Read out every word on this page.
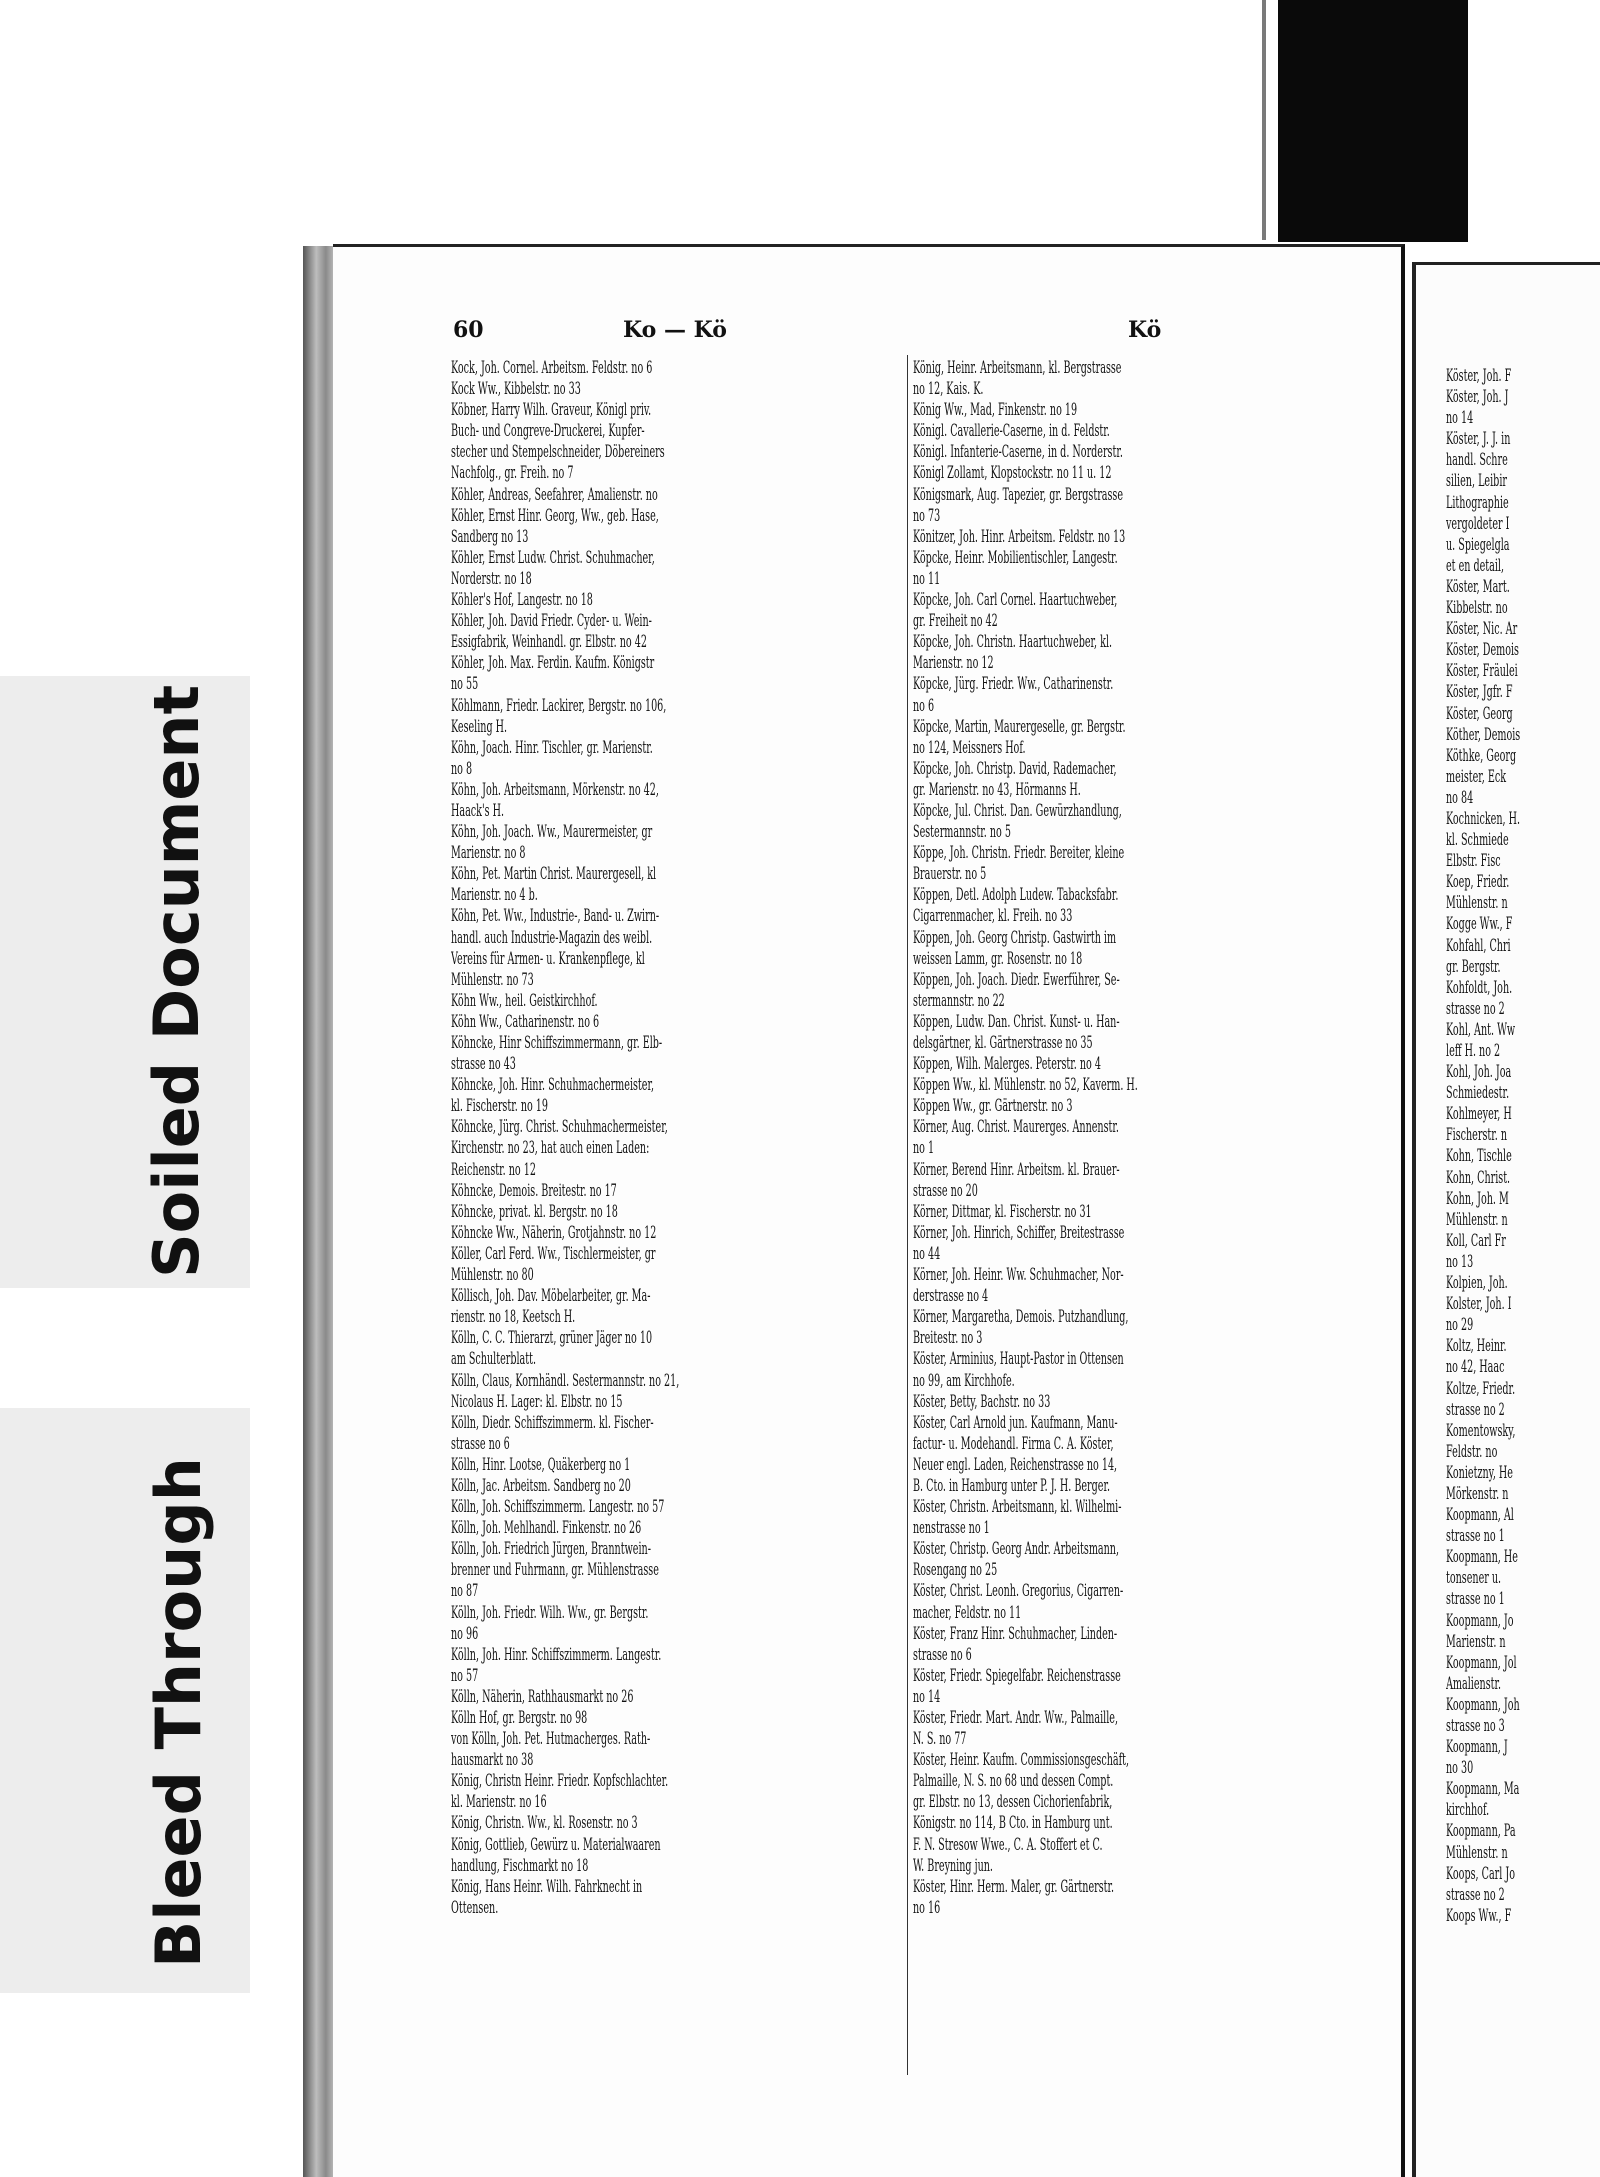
Soiled Document
Bleed Through
60	Ko — Kö	Kö
Kock, Joh. Cornel. Arbeitsm. Feldstr. no 6
Kock Ww., Kibbelstr. no 33
Köbner, Harry Wilh. Graveur, Königl priv.
Buch- und Congreve-Druckerei, Kupfer-
stecher und Stempelschneider, Döbereiners
Nachfolg., gr. Freih. no 7
Köhler, Andreas, Seefahrer, Amalienstr. no
Köhler, Ernst Hinr. Georg, Ww., geb. Hase,
Sandberg no 13
Köhler, Ernst Ludw. Christ. Schuhmacher,
Norderstr. no 18
Köhler's Hof, Langestr. no 18
Köhler, Joh. David Friedr. Cyder- u. Wein-
Essigfabrik, Weinhandl. gr. Elbstr. no 42
Köhler, Joh. Max. Ferdin. Kaufm. Königstr
no 55
Köhlmann, Friedr. Lackirer, Bergstr. no 106,
Keseling H.
Köhn, Joach. Hinr. Tischler, gr. Marienstr.
no 8
Köhn, Joh. Arbeitsmann, Mörkenstr. no 42,
Haack's H.
Köhn, Joh. Joach. Ww., Maurermeister, gr
Marienstr. no 8
Köhn, Pet. Martin Christ. Maurergesell, kl
Marienstr. no 4 b.
Köhn, Pet. Ww., Industrie-, Band- u. Zwirn-
handl. auch Industrie-Magazin des weibl.
Vereins für Armen- u. Krankenpflege, kl
Mühlenstr. no 73
Köhn Ww., heil. Geistkirchhof.
Köhn Ww., Catharinenstr. no 6
Köhncke, Hinr Schiffszimmermann, gr. Elb-
strasse no 43
Köhncke, Joh. Hinr. Schuhmachermeister,
kl. Fischerstr. no 19
Köhncke, Jürg. Christ. Schuhmachermeister,
Kirchenstr. no 23, hat auch einen Laden:
Reichenstr. no 12
Köhncke, Demois. Breitestr. no 17
Köhncke, privat. kl. Bergstr. no 18
Köhncke Ww., Näherin, Grotjahnstr. no 12
Köller, Carl Ferd. Ww., Tischlermeister, gr
Mühlenstr. no 80
Köllisch, Joh. Dav. Möbelarbeiter, gr. Ma-
rienstr. no 18, Keetsch H.
Kölln, C. C. Thierarzt, grüner Jäger no 10
am Schulterblatt.
Kölln, Claus, Kornhändl. Sestermannstr. no 21,
Nicolaus H. Lager: kl. Elbstr. no 15
Kölln, Diedr. Schiffszimmerm. kl. Fischer-
strasse no 6
Kölln, Hinr. Lootse, Quäkerberg no 1
Kölln, Jac. Arbeitsm. Sandberg no 20
Kölln, Joh. Schiffszimmerm. Langestr. no 57
Kölln, Joh. Mehlhandl. Finkenstr. no 26
Kölln, Joh. Friedrich Jürgen, Branntwein-
brenner und Fuhrmann, gr. Mühlenstrasse
no 87
Kölln, Joh. Friedr. Wilh. Ww., gr. Bergstr.
no 96
Kölln, Joh. Hinr. Schiffszimmerm. Langestr.
no 57
Kölln, Näherin, Rathhausmarkt no 26
Kölln Hof, gr. Bergstr. no 98
von Kölln, Joh. Pet. Hutmacherges. Rath-
hausmarkt no 38
König, Christn Heinr. Friedr. Kopfschlachter.
kl. Marienstr. no 16
König, Christn. Ww., kl. Rosenstr. no 3
König, Gottlieb, Gewürz u. Materialwaaren
handlung, Fischmarkt no 18
König, Hans Heinr. Wilh. Fahrknecht in
Ottensen.
König, Heinr. Arbeitsmann, kl. Bergstrasse
no 12, Kais. K.
König Ww., Mad, Finkenstr. no 19
Königl. Cavallerie-Caserne, in d. Feldstr.
Königl. Infanterie-Caserne, in d. Norderstr.
Königl Zollamt, Klopstockstr. no 11 u. 12
Königsmark, Aug. Tapezier, gr. Bergstrasse
no 73
Könitzer, Joh. Hinr. Arbeitsm. Feldstr. no 13
Köpcke, Heinr. Mobilientischler, Langestr.
no 11
Köpcke, Joh. Carl Cornel. Haartuchweber,
gr. Freiheit no 42
Köpcke, Joh. Christn. Haartuchweber, kl.
Marienstr. no 12
Köpcke, Jürg. Friedr. Ww., Catharinenstr.
no 6
Köpcke, Martin, Maurergeselle, gr. Bergstr.
no 124, Meissners Hof.
Köpcke, Joh. Christp. David, Rademacher,
gr. Marienstr. no 43, Hörmanns H.
Köpcke, Jul. Christ. Dan. Gewürzhandlung,
Sestermannstr. no 5
Köppe, Joh. Christn. Friedr. Bereiter, kleine
Brauerstr. no 5
Köppen, Detl. Adolph Ludew. Tabacksfabr.
Cigarrenmacher, kl. Freih. no 33
Köppen, Joh. Georg Christp. Gastwirth im
weissen Lamm, gr. Rosenstr. no 18
Köppen, Joh. Joach. Diedr. Ewerführer, Se-
stermannstr. no 22
Köppen, Ludw. Dan. Christ. Kunst- u. Han-
delsgärtner, kl. Gärtnerstrasse no 35
Köppen, Wilh. Malerges. Peterstr. no 4
Köppen Ww., kl. Mühlenstr. no 52, Kaverm. H.
Köppen Ww., gr. Gärtnerstr. no 3
Körner, Aug. Christ. Maurerges. Annenstr.
no 1
Körner, Berend Hinr. Arbeitsm. kl. Brauer-
strasse no 20
Körner, Dittmar, kl. Fischerstr. no 31
Körner, Joh. Hinrich, Schiffer, Breitestrasse
no 44
Körner, Joh. Heinr. Ww. Schuhmacher, Nor-
derstrasse no 4
Körner, Margaretha, Demois. Putzhandlung,
Breitestr. no 3
Köster, Arminius, Haupt-Pastor in Ottensen
no 99, am Kirchhofe.
Köster, Betty, Bachstr. no 33
Köster, Carl Arnold jun. Kaufmann, Manu-
factur- u. Modehandl. Firma C. A. Köster,
Neuer engl. Laden, Reichenstrasse no 14,
B. Cto. in Hamburg unter P. J. H. Berger.
Köster, Christn. Arbeitsmann, kl. Wilhelmi-
nenstrasse no 1
Köster, Christp. Georg Andr. Arbeitsmann,
Rosengang no 25
Köster, Christ. Leonh. Gregorius, Cigarren-
macher, Feldstr. no 11
Köster, Franz Hinr. Schuhmacher, Linden-
strasse no 6
Köster, Friedr. Spiegelfabr. Reichenstrasse
no 14
Köster, Friedr. Mart. Andr. Ww., Palmaille,
N. S. no 77
Köster, Heinr. Kaufm. Commissionsgeschäft,
Palmaille, N. S. no 68 und dessen Compt.
gr. Elbstr. no 13, dessen Cichorienfabrik,
Königstr. no 114, B Cto. in Hamburg unt.
F. N. Stresow Wwe., C. A. Stoffert et C.
W. Breyning jun.
Köster, Hinr. Herm. Maler, gr. Gärtnerstr.
no 16
Köster, Joh. F
Köster, Joh. J
no 14
Köster, J. J. in
handl. Schre
silien, Leibir
Lithographie
vergoldeter I
u. Spiegelgla
et en detail,
Köster, Mart.
Kibbelstr. no
Köster, Nic. Ar
Köster, Demois
Köster, Fräulei
Köster, Jgfr. F
Köster, Georg
Köther, Demois
Köthke, Georg
meister, Eck
no 84
Kochnicken, H.
kl. Schmiede
Elbstr. Fisc
Koep, Friedr.
Mühlenstr. n
Kogge Ww., F
Kohfahl, Chri
gr. Bergstr.
Kohfoldt, Joh.
strasse no 2
Kohl, Ant. Ww
leff H. no 2
Kohl, Joh. Joa
Schmiedestr.
Kohlmeyer, H
Fischerstr. n
Kohn, Tischle
Kohn, Christ.
Kohn, Joh. M
Mühlenstr. n
Koll, Carl Fr
no 13
Kolpien, Joh.
Kolster, Joh. I
no 29
Koltz, Heinr.
no 42, Haac
Koltze, Friedr.
strasse no 2
Komentowsky,
Feldstr. no
Konietzny, He
Mörkenstr. n
Koopmann, Al
strasse no 1
Koopmann, He
tonsener u.
strasse no 1
Koopmann, Jo
Marienstr. n
Koopmann, Jol
Amalienstr.
Koopmann, Joh
strasse no 3
Koopmann, J
no 30
Koopmann, Ma
kirchhof.
Koopmann, Pa
Mühlenstr. n
Koops, Carl Jo
strasse no 2
Koops Ww., F
